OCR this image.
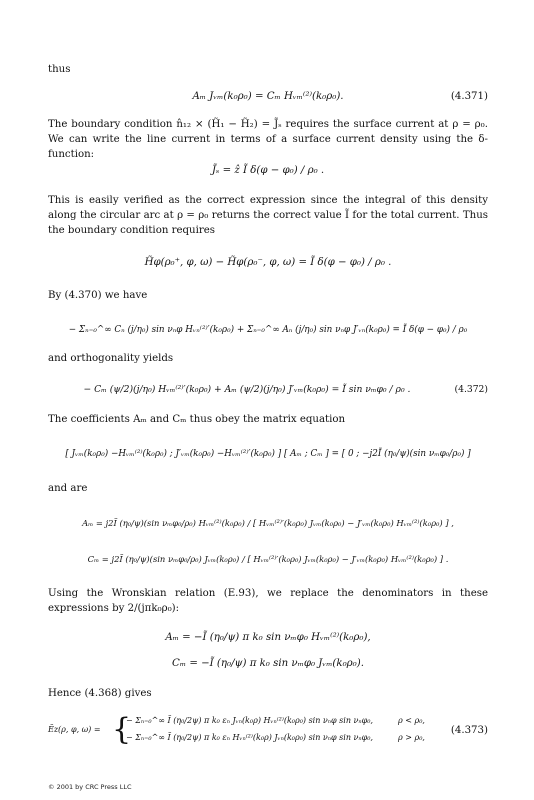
thus

Aₘ Jᵥₘ(k₀ρ₀) = Cₘ Hᵥₘ⁽²⁾(k₀ρ₀).	(4.371)

The boundary condition n̂₁₂ × (H̃₁ − H̃₂) = J̃ₛ requires the surface current at ρ = ρ₀. We can write the line current in terms of a surface current density using the δ-function:

J̃ₛ = ẑ Ĩ δ(φ − φ₀) / ρ₀ .

This is easily verified as the correct expression since the integral of this density along the circular arc at ρ = ρ₀ returns the correct value Ĩ for the total current. Thus the boundary condition requires

H̃φ(ρ₀⁺, φ, ω) − H̃φ(ρ₀⁻, φ, ω) = Ĩ δ(φ − φ₀) / ρ₀ .

By (4.370) we have

− Σₙ₌₀^∞ Cₙ (j/η₀) sin νₙφ Hᵥₙ⁽²⁾′(k₀ρ₀) + Σₙ₌₀^∞ Aₙ (j/η₀) sin νₙφ J′ᵥₙ(k₀ρ₀) = Ĩ δ(φ − φ₀) / ρ₀

and orthogonality yields

− Cₘ (ψ/2)(j/η₀) Hᵥₘ⁽²⁾′(k₀ρ₀) + Aₘ (ψ/2)(j/η₀) J′ᵥₘ(k₀ρ₀) = Ĩ sin νₘφ₀ / ρ₀ .	(4.372)

The coefficients Aₘ and Cₘ thus obey the matrix equation

[ Jᵥₘ(k₀ρ₀) −Hᵥₘ⁽²⁾(k₀ρ₀) ; J′ᵥₘ(k₀ρ₀) −Hᵥₘ⁽²⁾′(k₀ρ₀) ] [ Aₘ ; Cₘ ] = [ 0 ; −j2Ĩ (η₀/ψ)(sin νₘφ₀/ρ₀) ]

and are

Aₘ = j2Ĩ (η₀/ψ)(sin νₘφ₀/ρ₀) Hᵥₘ⁽²⁾(k₀ρ₀) / [ Hᵥₘ⁽²⁾′(k₀ρ₀) Jᵥₘ(k₀ρ₀) − J′ᵥₘ(k₀ρ₀) Hᵥₘ⁽²⁾(k₀ρ₀) ] ,
Cₘ = j2Ĩ (η₀/ψ)(sin νₘφ₀/ρ₀) Jᵥₘ(k₀ρ₀) / [ Hᵥₘ⁽²⁾′(k₀ρ₀) Jᵥₘ(k₀ρ₀) − J′ᵥₘ(k₀ρ₀) Hᵥₘ⁽²⁾(k₀ρ₀) ] .

Using the Wronskian relation (E.93), we replace the denominators in these expressions by 2/(jπk₀ρ₀):

Aₘ = −Ĩ (η₀/ψ) π k₀ sin νₘφ₀ Hᵥₘ⁽²⁾(k₀ρ₀),
Cₘ = −Ĩ (η₀/ψ) π k₀ sin νₘφ₀ Jᵥₘ(k₀ρ₀).

Hence (4.368) gives

Ẽz(ρ, φ, ω) = {
− Σₙ₌₀^∞ Ĩ (η₀/2ψ) π k₀ εₙ Jᵥₙ(k₀ρ) Hᵥₙ⁽²⁾(k₀ρ₀) sin νₙφ sin νₙφ₀,	ρ < ρ₀,
− Σₙ₌₀^∞ Ĩ (η₀/2ψ) π k₀ εₙ Hᵥₙ⁽²⁾(k₀ρ) Jᵥₙ(k₀ρ₀) sin νₙφ sin νₙφ₀,	ρ > ρ₀,
(4.373)
© 2001 by CRC Press LLC
